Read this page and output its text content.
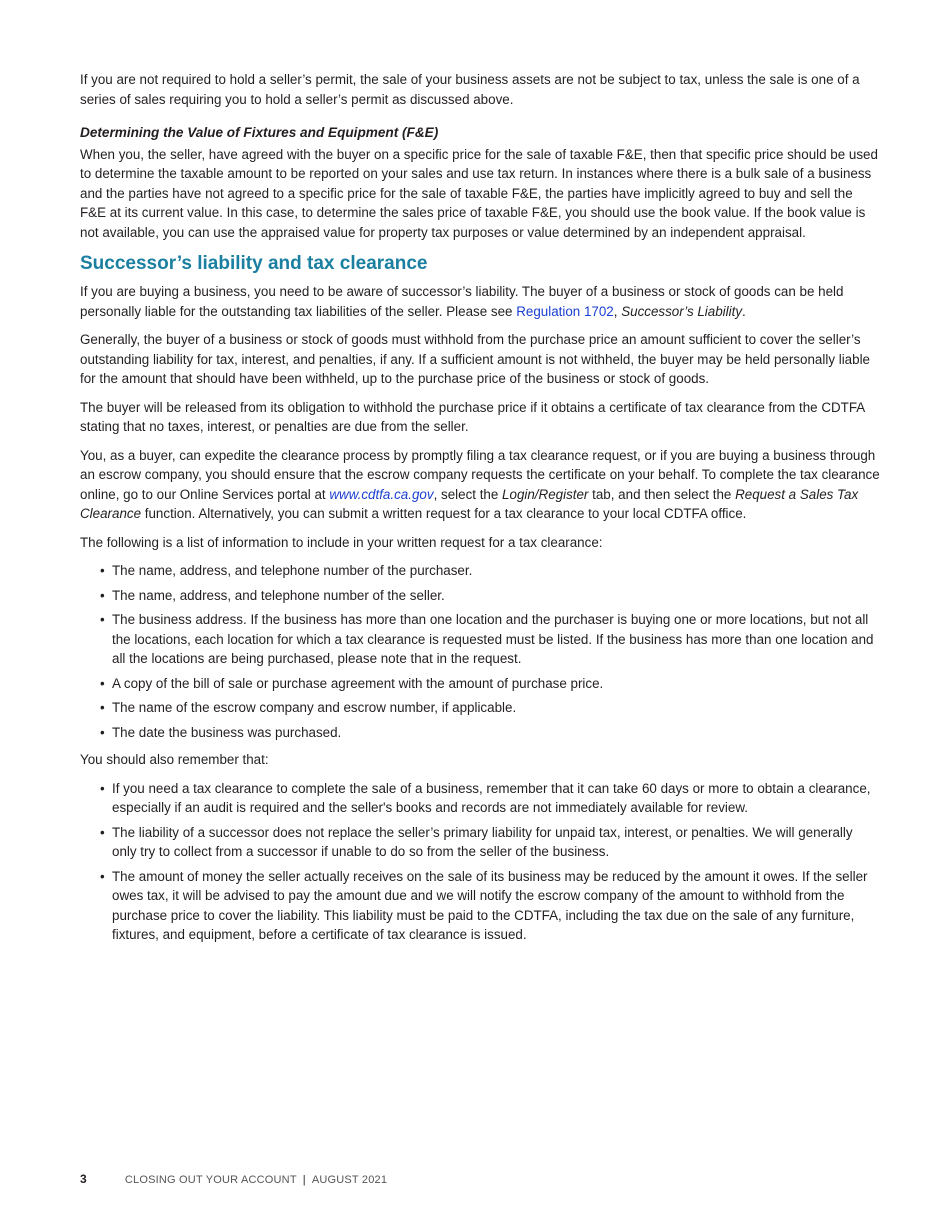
If you are not required to hold a seller’s permit, the sale of your business assets are not be subject to tax, unless the sale is one of a series of sales requiring you to hold a seller’s permit as discussed above.

Determining the Value of Fixtures and Equipment (F&E)

When you, the seller, have agreed with the buyer on a specific price for the sale of taxable F&E, then that specific price should be used to determine the taxable amount to be reported on your sales and use tax return. In instances where there is a bulk sale of a business and the parties have not agreed to a specific price for the sale of taxable F&E, the parties have implicitly agreed to buy and sell the F&E at its current value. In this case, to determine the sales price of taxable F&E, you should use the book value. If the book value is not available, you can use the appraised value for property tax purposes or value determined by an independent appraisal.

Successor’s liability and tax clearance

If you are buying a business, you need to be aware of successor’s liability. The buyer of a business or stock of goods can be held personally liable for the outstanding tax liabilities of the seller. Please see Regulation 1702, Successor’s Liability.

Generally, the buyer of a business or stock of goods must withhold from the purchase price an amount sufficient to cover the seller’s outstanding liability for tax, interest, and penalties, if any. If a sufficient amount is not withheld, the buyer may be held personally liable for the amount that should have been withheld, up to the purchase price of the business or stock of goods.

The buyer will be released from its obligation to withhold the purchase price if it obtains a certificate of tax clearance from the CDTFA stating that no taxes, interest, or penalties are due from the seller.

You, as a buyer, can expedite the clearance process by promptly filing a tax clearance request, or if you are buying a business through an escrow company, you should ensure that the escrow company requests the certificate on your behalf. To complete the tax clearance online, go to our Online Services portal at www.cdtfa.ca.gov, select the Login/Register tab, and then select the Request a Sales Tax Clearance function. Alternatively, you can submit a written request for a tax clearance to your local CDTFA office.

The following is a list of information to include in your written request for a tax clearance:

• The name, address, and telephone number of the purchaser.
• The name, address, and telephone number of the seller.
• The business address. If the business has more than one location and the purchaser is buying one or more locations, but not all the locations, each location for which a tax clearance is requested must be listed. If the business has more than one location and all the locations are being purchased, please note that in the request.
• A copy of the bill of sale or purchase agreement with the amount of purchase price.
• The name of the escrow company and escrow number, if applicable.
• The date the business was purchased.

You should also remember that:

• If you need a tax clearance to complete the sale of a business, remember that it can take 60 days or more to obtain a clearance, especially if an audit is required and the seller's books and records are not immediately available for review.
• The liability of a successor does not replace the seller’s primary liability for unpaid tax, interest, or penalties. We will generally only try to collect from a successor if unable to do so from the seller of the business.
• The amount of money the seller actually receives on the sale of its business may be reduced by the amount it owes. If the seller owes tax, it will be advised to pay the amount due and we will notify the escrow company of the amount to withhold from the purchase price to cover the liability. This liability must be paid to the CDTFA, including the tax due on the sale of any furniture, fixtures, and equipment, before a certificate of tax clearance is issued.
3	CLOSING OUT YOUR ACCOUNT | AUGUST 2021
